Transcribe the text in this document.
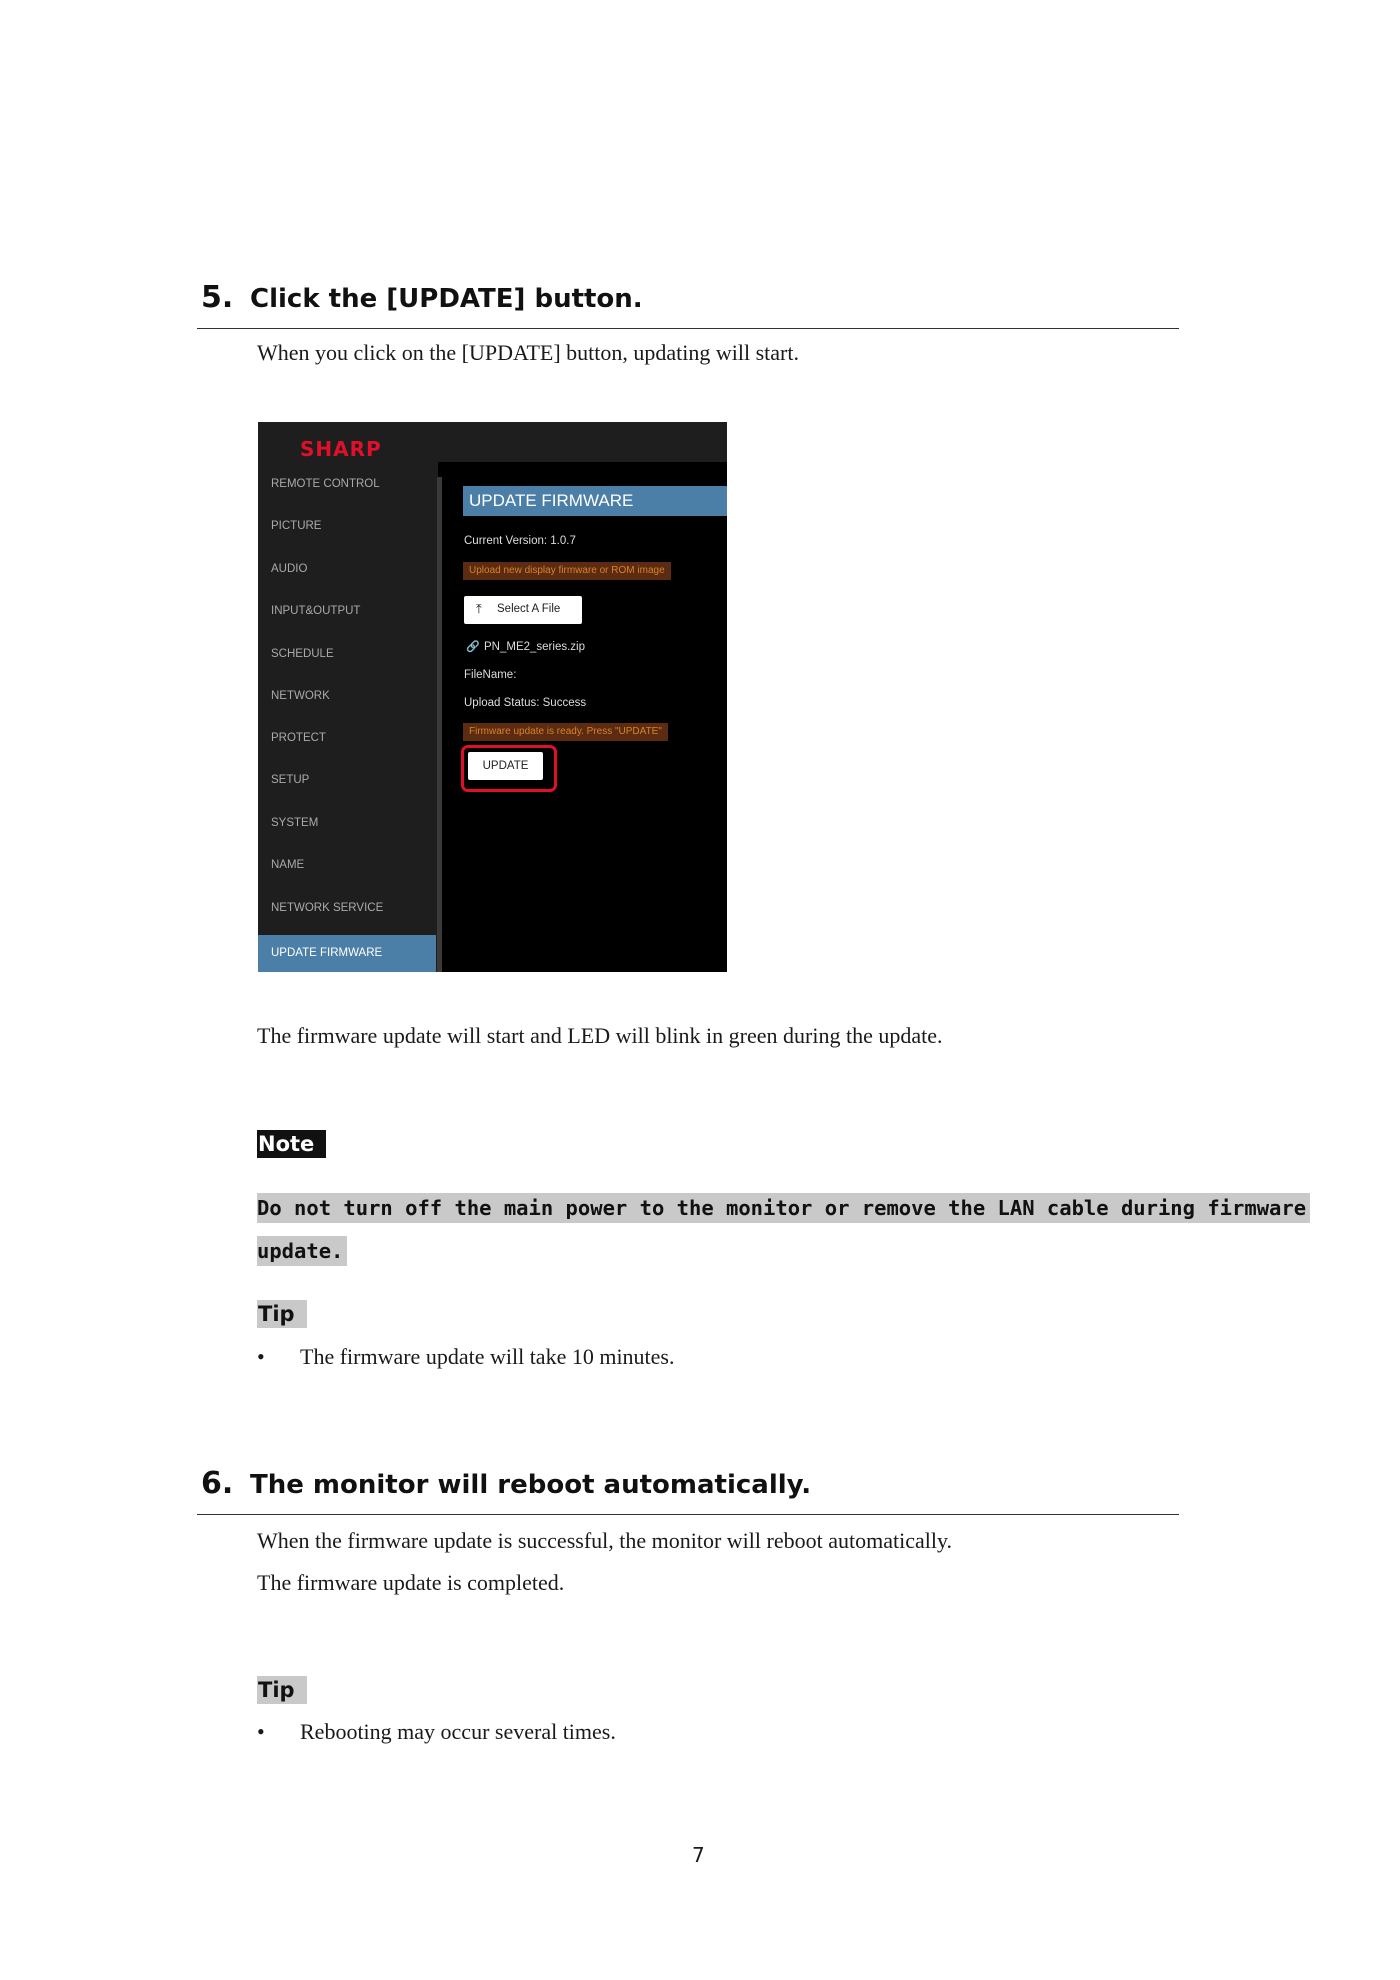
5. Click the [UPDATE] button.
When you click on the [UPDATE] button, updating will start.
SHARP
REMOTE CONTROL
PICTURE
AUDIO
INPUT&OUTPUT
SCHEDULE
NETWORK
PROTECT
SETUP
SYSTEM
NAME
NETWORK SERVICE
UPDATE FIRMWARE
UPDATE FIRMWARE
Current Version: 1.0.7
Upload new display firmware or ROM image
⤒ Select A File
🔗 PN_ME2_series.zip
FileName:
Upload Status: Success
Firmware update is ready. Press "UPDATE"
UPDATE
The firmware update will start and LED will blink in green during the update.
Note
Do not turn off the main power to the monitor or remove the LAN cable during firmware
update.
Tip
• The firmware update will take 10 minutes.
6. The monitor will reboot automatically.
When the firmware update is successful, the monitor will reboot automatically.
The firmware update is completed.
Tip
• Rebooting may occur several times.
7
